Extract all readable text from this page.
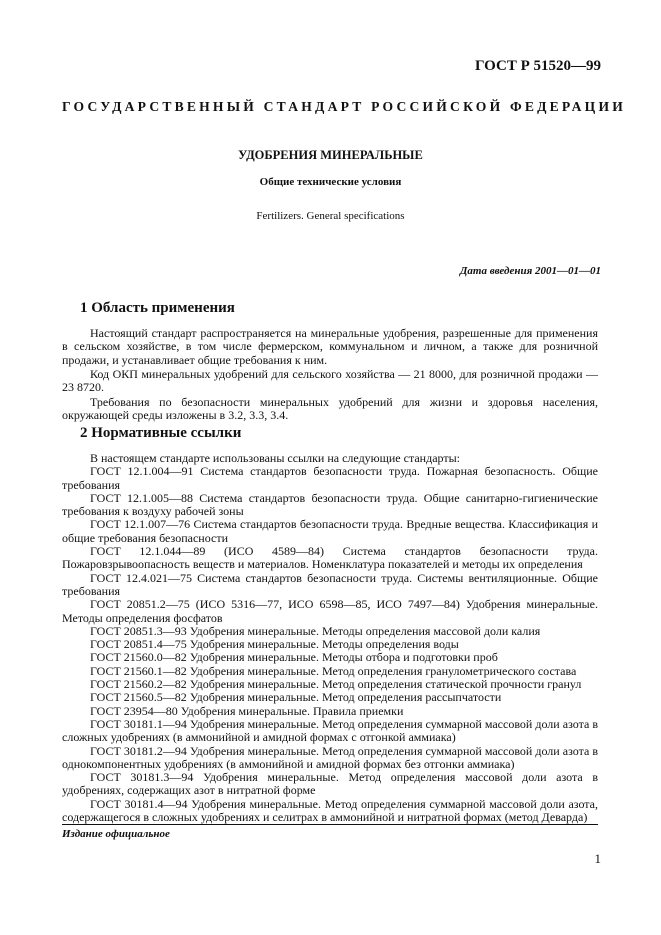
ГОСТ Р 51520—99
ГОСУДАРСТВЕННЫЙ СТАНДАРТ РОССИЙСКОЙ ФЕДЕРАЦИИ
УДОБРЕНИЯ МИНЕРАЛЬНЫЕ
Общие технические условия
Fertilizers. General specifications
Дата введения 2001—01—01
1 Область применения
Настоящий стандарт распространяется на минеральные удобрения, разрешенные для применения в сельском хозяйстве, в том числе фермерском, коммунальном и личном, а также для розничной продажи, и устанавливает общие требования к ним.
Код ОКП минеральных удобрений для сельского хозяйства — 21 8000, для розничной продажи — 23 8720.
Требования по безопасности минеральных удобрений для жизни и здоровья населения, окружающей среды изложены в 3.2, 3.3, 3.4.
2 Нормативные ссылки

В настоящем стандарте использованы ссылки на следующие стандарты:

ГОСТ 12.1.004—91 Система стандартов безопасности труда. Пожарная безопасность. Общие требования

ГОСТ 12.1.005—88 Система стандартов безопасности труда. Общие санитарно-гигиенические требования к воздуху рабочей зоны

ГОСТ 12.1.007—76 Система стандартов безопасности труда. Вредные вещества. Классификация и общие требования безопасности

ГОСТ 12.1.044—89 (ИСО 4589—84) Система стандартов безопасности труда. Пожаровзрывоопасность веществ и материалов. Номенклатура показателей и методы их определения

ГОСТ 12.4.021—75 Система стандартов безопасности труда. Системы вентиляционные. Общие требования

ГОСТ 20851.2—75 (ИСО 5316—77, ИСО 6598—85, ИСО 7497—84) Удобрения минеральные. Методы определения фосфатов

ГОСТ 20851.3—93 Удобрения минеральные. Методы определения массовой доли калия

ГОСТ 20851.4—75 Удобрения минеральные. Методы определения воды

ГОСТ 21560.0—82 Удобрения минеральные. Методы отбора и подготовки проб

ГОСТ 21560.1—82 Удобрения минеральные. Метод определения гранулометрического состава

ГОСТ 21560.2—82 Удобрения минеральные. Метод определения статической прочности гранул

ГОСТ 21560.5—82 Удобрения минеральные. Метод определения рассыпчатости

ГОСТ 23954—80 Удобрения минеральные. Правила приемки

ГОСТ 30181.1—94 Удобрения минеральные. Метод определения суммарной массовой доли азота в сложных удобрениях (в аммонийной и амидной формах с отгонкой аммиака)

ГОСТ 30181.2—94 Удобрения минеральные. Метод определения суммарной массовой доли азота в однокомпонентных удобрениях (в аммонийной и амидной формах без отгонки аммиака)

ГОСТ 30181.3—94 Удобрения минеральные. Метод определения массовой доли азота в удобрениях, содержащих азот в нитратной форме

ГОСТ 30181.4—94 Удобрения минеральные. Метод определения суммарной массовой доли азота, содержащегося в сложных удобрениях и селитрах в аммонийной и нитратной формах (метод Деварда)

Издание официальное
1
